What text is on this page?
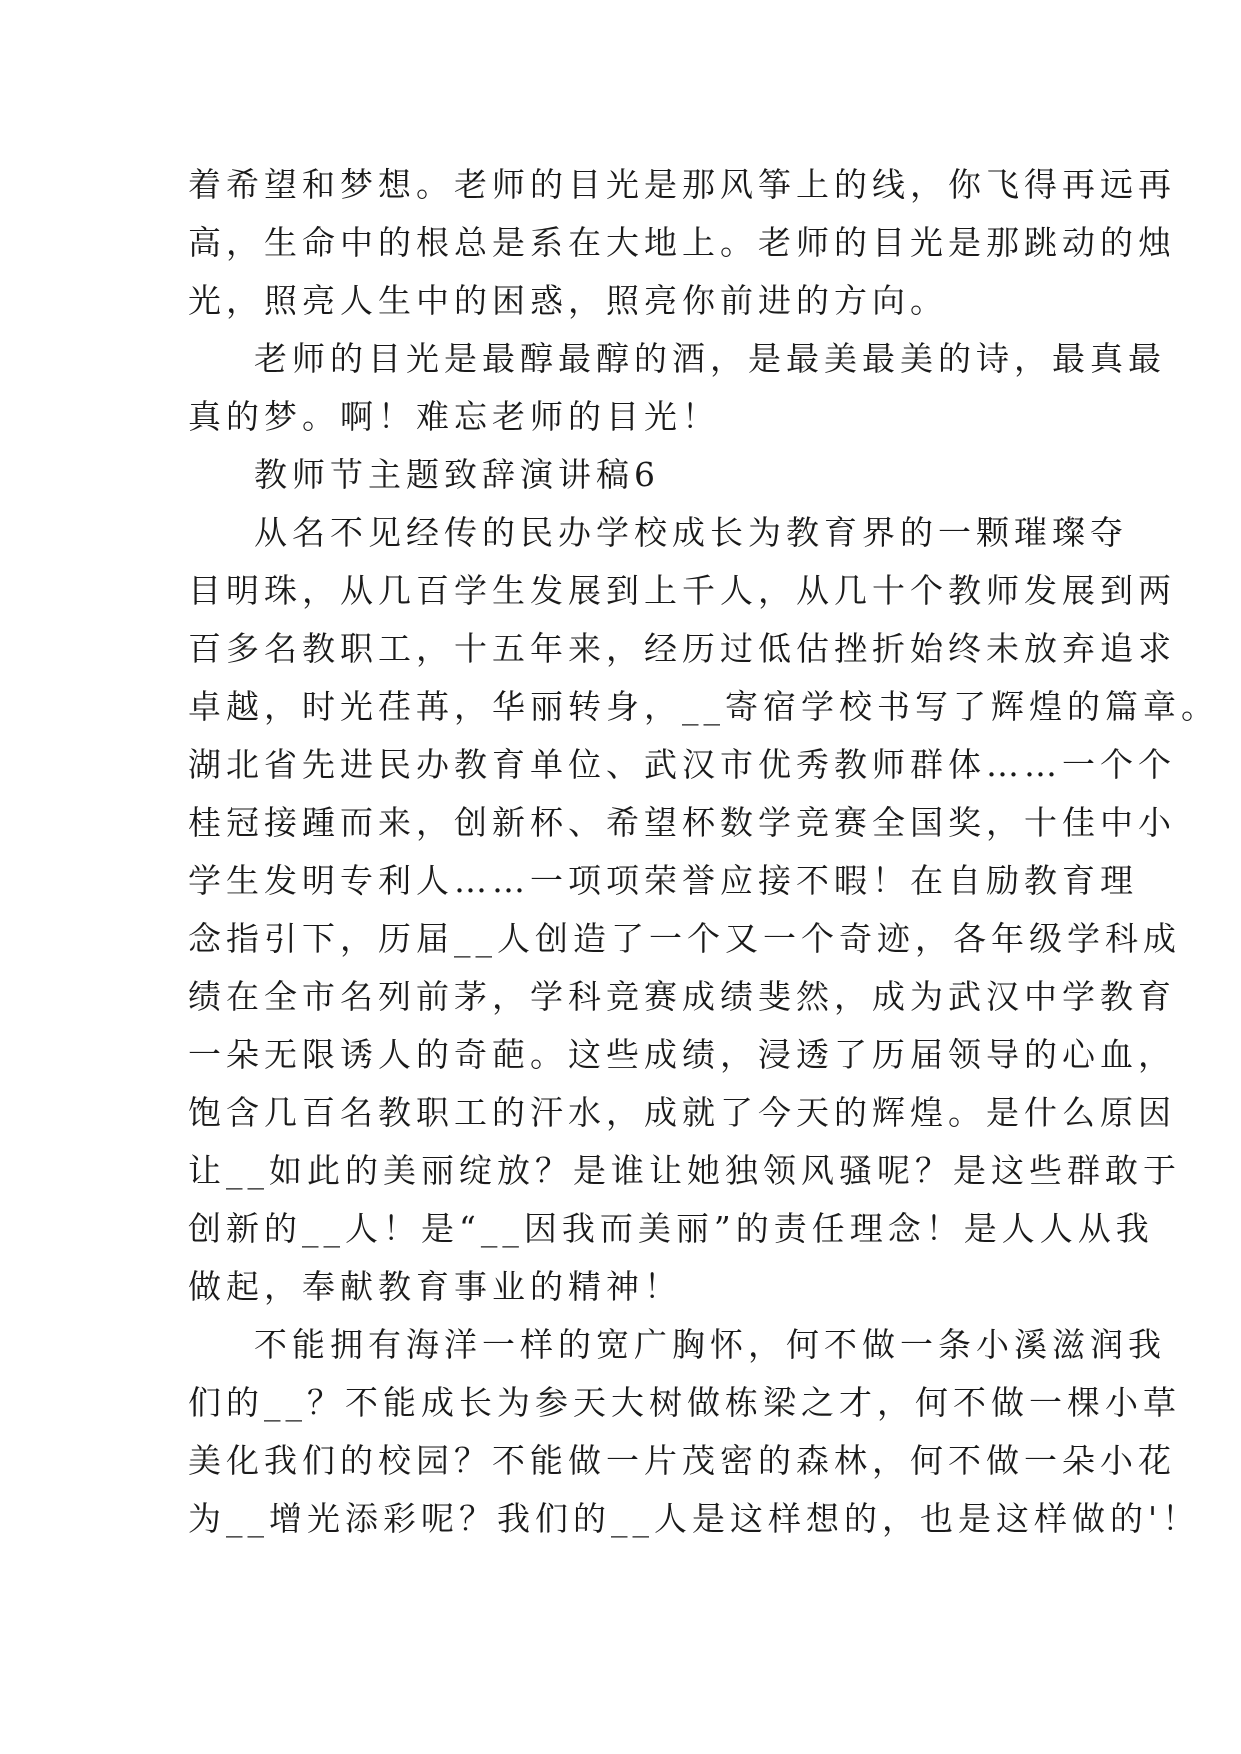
着希望和梦想。老师的目光是那风筝上的线，你飞得再远再
高，生命中的根总是系在大地上。老师的目光是那跳动的烛
光，照亮人生中的困惑，照亮你前进的方向。
老师的目光是最醇最醇的酒，是最美最美的诗，最真最
真的梦。啊！难忘老师的目光！
教师节主题致辞演讲稿6
从名不见经传的民办学校成长为教育界的一颗璀璨夺
目明珠，从几百学生发展到上千人，从几十个教师发展到两
百多名教职工，十五年来，经历过低估挫折始终未放弃追求
卓越，时光荏苒，华丽转身，__寄宿学校书写了辉煌的篇章。
湖北省先进民办教育单位、武汉市优秀教师群体……一个个
桂冠接踵而来，创新杯、希望杯数学竞赛全国奖，十佳中小
学生发明专利人……一项项荣誉应接不暇！在自励教育理
念指引下，历届__人创造了一个又一个奇迹，各年级学科成
绩在全市名列前茅，学科竞赛成绩斐然，成为武汉中学教育
一朵无限诱人的奇葩。这些成绩，浸透了历届领导的心血，
饱含几百名教职工的汗水，成就了今天的辉煌。是什么原因
让__如此的美丽绽放？是谁让她独领风骚呢？是这些群敢于
创新的__人！是“__因我而美丽”的责任理念！是人人从我
做起，奉献教育事业的精神！
不能拥有海洋一样的宽广胸怀，何不做一条小溪滋润我
们的__？不能成长为参天大树做栋梁之才，何不做一棵小草
美化我们的校园？不能做一片茂密的森林，何不做一朵小花
为__增光添彩呢？我们的__人是这样想的，也是这样做的'！
